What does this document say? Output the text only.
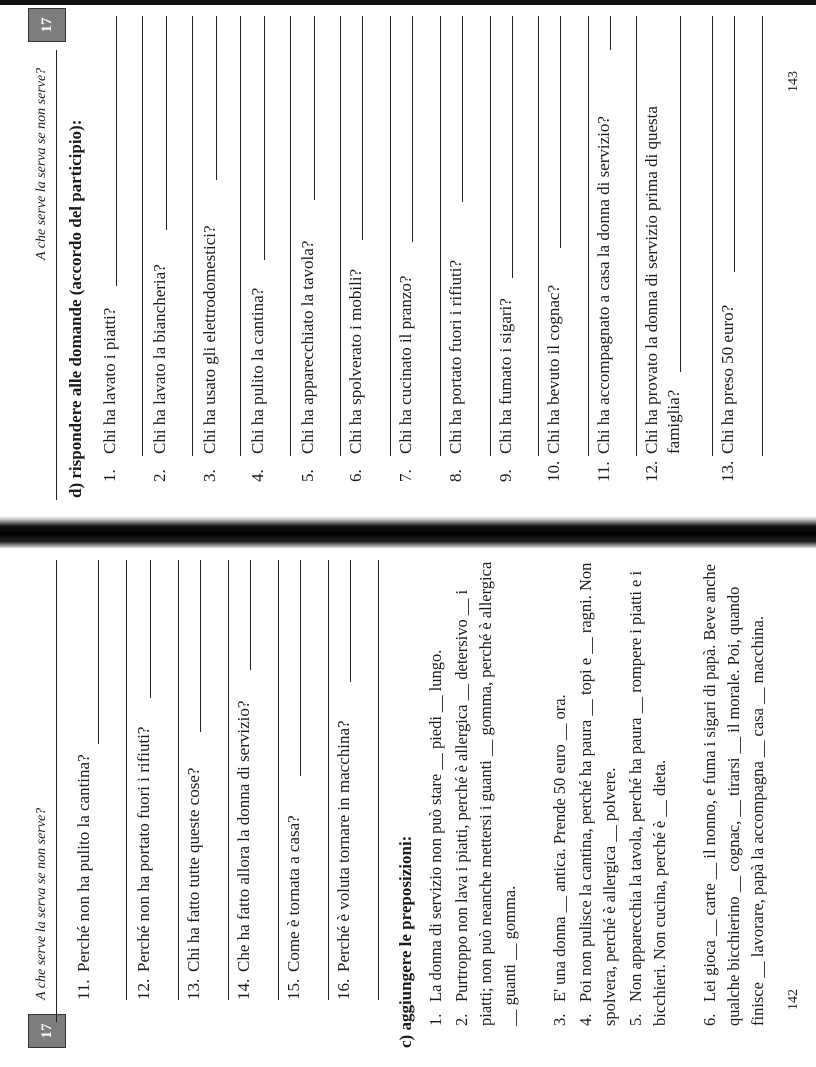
17
A che serve la serva se non serve? 11.Perché non ha pulito la cantina?
12.Perché non ha portato fuori i rifiuti?
13.Chi ha fatto tutte queste cose?
14.Che ha fatto allora la donna di servizio?
15.Come è tornata a casa?
16.Perché è voluta tornare in macchina?	c) aggiungere le preposizioni: 1.La donna di servizio non può stare __ piedi __ lungo.
2.Purtroppo non lava i piatti, perché è allergica __ detersivo __ i piatti; non può neanche mettersi i guanti __ gomma, perché è allergica __ guanti __ gomma. 3.E' una donna __ antica. Prende 50 euro __ ora.
4.Poi non pulisce la cantina, perché ha paura __ topi e __ ragni. Non spolvera, perché è allergica __ polvere. 5.Non apparecchia la tavola, perché ha paura __ rompere i piatti e i bicchieri. Non cucina, perché è __ dieta. 6.Lei gioca __ carte __ il nonno, e fuma i sigari di papà. Beve anche qualche bicchierino __ cognac, __ tirarsi __ il morale. Poi, quando finisce __ lavorare, papà la accompagna __ casa __ macchina. 142
A che serve la serva se non serve?
17
d) rispondere alle domande (accordo del participio): 1.Chi ha lavato i piatti?
2.Chi ha lavato la biancheria?
3.Chi ha usato gli elettrodomestici?
4.Chi ha pulito la cantina?
5.Chi ha apparecchiato la tavola?
6.Chi ha spolverato i mobili?
7.Chi ha cucinato il pranzo?
8.Chi ha portato fuori i rifiuti?
9.Chi ha fumato i sigari?
10.Chi ha bevuto il cognac?
11.Chi ha accompagnato a casa la donna di servizio?
12.Chi ha provato la donna di servizio prima di questa famiglia?
13.Chi ha preso 50 euro?
143
